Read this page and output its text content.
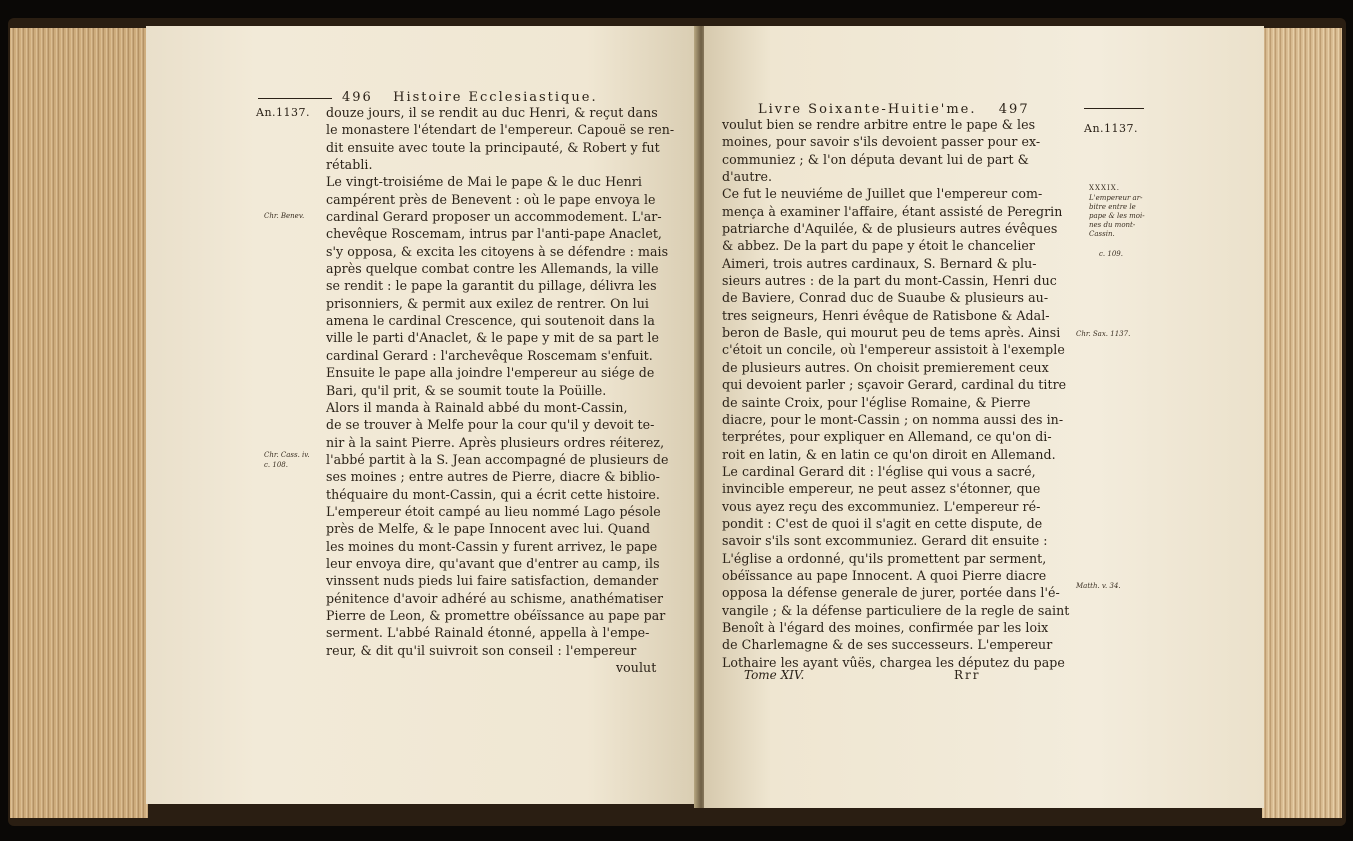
An.1137.
496 Histoire Ecclesiastique.
douze jours, il se rendit au duc Henri, & reçut dans
le monastere l'étendart de l'empereur. Capouë se ren-
dit ensuite avec toute la principauté, & Robert y fut
rétabli.
Le vingt-troisiéme de Mai le pape & le duc Henri
campérent près de Benevent : où le pape envoya le
cardinal Gerard proposer un accommodement. L'ar-
chevêque Roscemam, intrus par l'anti-pape Anaclet,
s'y opposa, & excita les citoyens à se défendre : mais
après quelque combat contre les Allemands, la ville
se rendit : le pape la garantit du pillage, délivra les
prisonniers, & permit aux exilez de rentrer. On lui
amena le cardinal Crescence, qui soutenoit dans la
ville le parti d'Anaclet, & le pape y mit de sa part le
cardinal Gerard : l'archevêque Roscemam s'enfuit.
Ensuite le pape alla joindre l'empereur au siége de
Bari, qu'il prit, & se soumit toute la Poüille.
Alors il manda à Rainald abbé du mont-Cassin,
de se trouver à Melfe pour la cour qu'il y devoit te-
nir à la saint Pierre. Après plusieurs ordres réiterez,
l'abbé partit à la S. Jean accompagné de plusieurs de
ses moines ; entre autres de Pierre, diacre & biblio-
théquaire du mont-Cassin, qui a écrit cette histoire.
L'empereur étoit campé au lieu nommé Lago pésole
près de Melfe, & le pape Innocent avec lui. Quand
les moines du mont-Cassin y furent arrivez, le pape
leur envoya dire, qu'avant que d'entrer au camp, ils
vinssent nuds pieds lui faire satisfaction, demander
pénitence d'avoir adhéré au schisme, anathématiser
Pierre de Leon, & promettre obéïssance au pape par
serment. L'abbé Rainald étonné, appella à l'empe-
reur, & dit qu'il suivroit son conseil : l'empereur
voulut
Chr. Benev.
Chr. Cass. iv.
c. 108.
Livre Soixante-Huitie'me. 497
An.1137.
voulut bien se rendre arbitre entre le pape & les
moines, pour savoir s'ils devoient passer pour ex-
communiez ; & l'on députa devant lui de part &
d'autre.
Ce fut le neuviéme de Juillet que l'empereur com-
mença à examiner l'affaire, étant assisté de Peregrin
patriarche d'Aquilée, & de plusieurs autres évêques
& abbez. De la part du pape y étoit le chancelier
Aimeri, trois autres cardinaux, S. Bernard & plu-
sieurs autres : de la part du mont-Cassin, Henri duc
de Baviere, Conrad duc de Suaube & plusieurs au-
tres seigneurs, Henri évêque de Ratisbone & Adal-
beron de Basle, qui mourut peu de tems après. Ainsi
c'étoit un concile, où l'empereur assistoit à l'exemple
de plusieurs autres. On choisit premierement ceux
qui devoient parler ; sçavoir Gerard, cardinal du titre
de sainte Croix, pour l'église Romaine, & Pierre
diacre, pour le mont-Cassin ; on nomma aussi des in-
terprétes, pour expliquer en Allemand, ce qu'on di-
roit en latin, & en latin ce qu'on diroit en Allemand.
Le cardinal Gerard dit : l'église qui vous a sacré,
invincible empereur, ne peut assez s'étonner, que
vous ayez reçu des excommuniez. L'empereur ré-
pondit : C'est de quoi il s'agit en cette dispute, de
savoir s'ils sont excommuniez. Gerard dit ensuite :
L'église a ordonné, qu'ils promettent par serment,
obéïssance au pape Innocent. A quoi Pierre diacre
opposa la défense generale de jurer, portée dans l'é-
vangile ; & la défense particuliere de la regle de saint
Benoît à l'égard des moines, confirmée par les loix
de Charlemagne & de ses successeurs. L'empereur
Lothaire les ayant vûës, chargea les députez du pape
XXXIX.
L'empereur ar-
bitre entre le
pape & les moi-
nes du mont-
Cassin.
c. 109.
Chr. Sax. 1137.
Matth. v. 34.
Tome XIV.	Rrr
